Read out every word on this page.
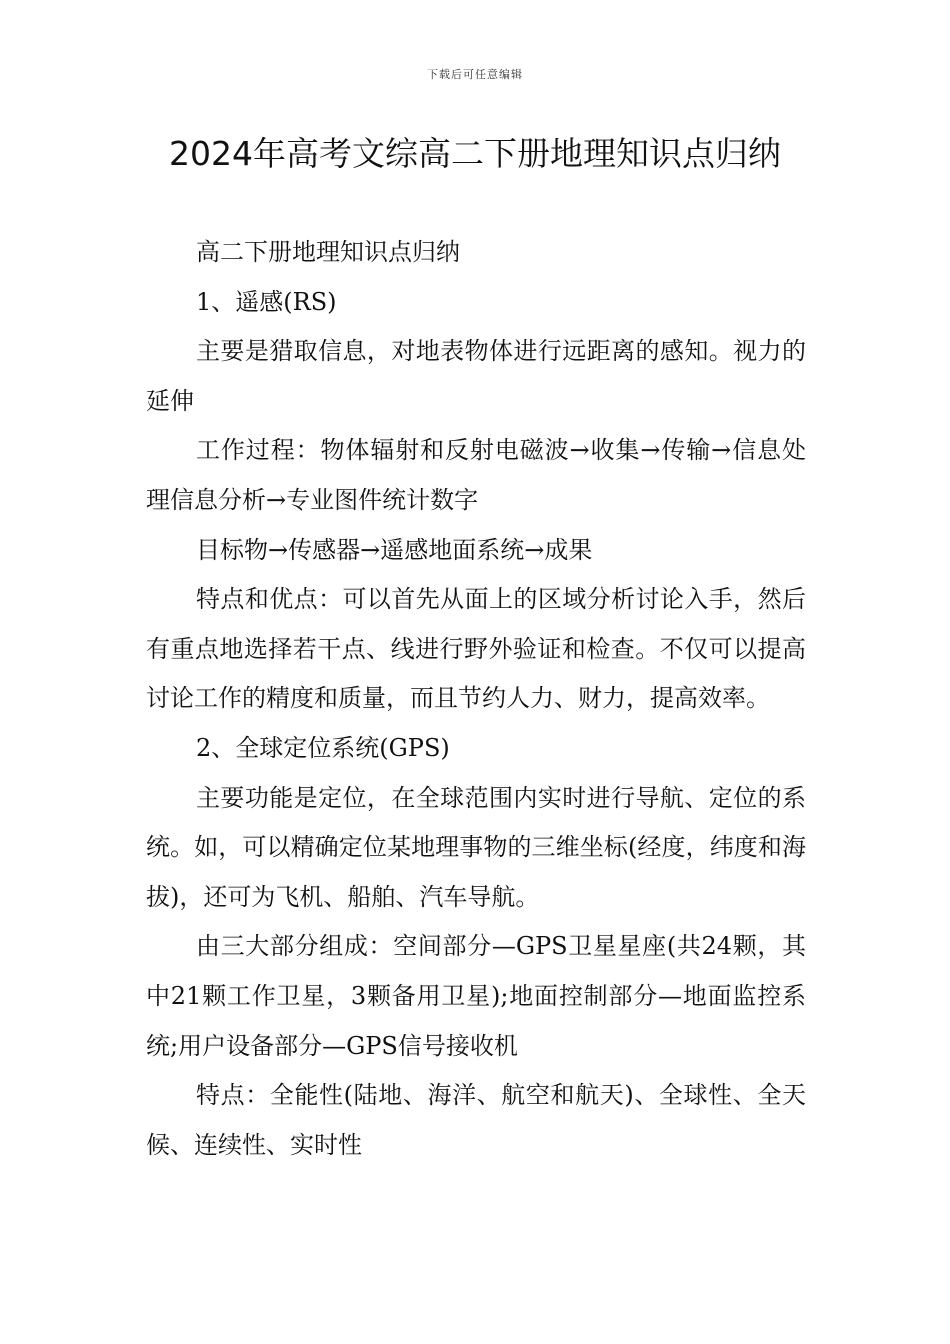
下载后可任意编辑
2024年高考文综高二下册地理知识点归纳

高二下册地理知识点归纳

1、遥感(RS)

主要是猎取信息，对地表物体进行远距离的感知。视力的延伸

工作过程：物体辐射和反射电磁波→收集→传输→信息处理信息分析→专业图件统计数字

目标物→传感器→遥感地面系统→成果

特点和优点：可以首先从面上的区域分析讨论入手，然后有重点地选择若干点、线进行野外验证和检查。不仅可以提高讨论工作的精度和质量，而且节约人力、财力，提高效率。

2、全球定位系统(GPS)

主要功能是定位，在全球范围内实时进行导航、定位的系统。如，可以精确定位某地理事物的三维坐标(经度，纬度和海拔)，还可为飞机、船舶、汽车导航。

由三大部分组成：空间部分—GPS卫星星座(共24颗，其中21颗工作卫星，3颗备用卫星);地面控制部分—地面监控系统;用户设备部分—GPS信号接收机

特点：全能性(陆地、海洋、航空和航天)、全球性、全天候、连续性、实时性
